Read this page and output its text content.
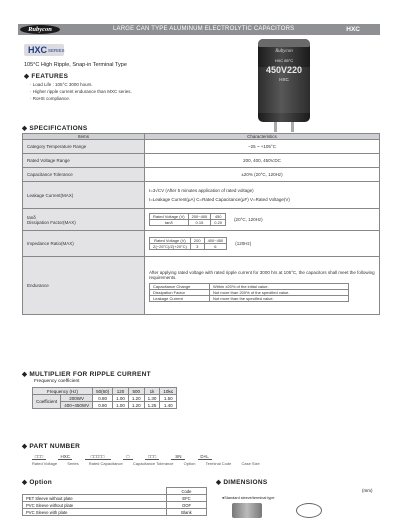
Rubycon	LARGE CAN TYPE ALUMINUM ELECTROLYTIC CAPACITORS	HXC
HXC SERIES
105°C High Ripple, Snap-in Terminal Type
◆ FEATURES
· Load Life : 105°C 3000 hours.
· Higher ripple current endurance than MXC series.
· RoHS compliance.
Rubycon
HXC 85°C
450V220
HXC
◆ SPECIFICATIONS
Items	Characteristics
Category Temperature Range	−25 ~ +105°C
Rated Voltage Range	200, 400, 450V.DC
Capacitance Tolerance	±20% (20°C, 120Hz)
Leakage Current(MAX)	
I=3√CV (After 5 minutes application of rated voltage)
I=Leakage Current(μA) C=Rated Capacitance(μF) V=Rated Voltage(V)

tanδ
Dissipation Factor(MAX)

Rated Voltage (V)	200~400	450
tanδ	0.15	0.20
(20°C, 120Hz)

Impedance Ratio(MAX)	
Rated Voltage (V)	200	400~450
Z(−25°C)/Z(+20°C)	3	6
(120Hz)

Endurance	
After applying rated voltage with rated ripple current for 3000 hrs at 105°C, the capacitors shall meet the following requirements.
Capacitance Change	Within ±20% of the initial value.
Dissipation Factor	Not more than 200% of the specified value.
Leakage Current	Not more than the specified value.
◆ MULTIPLIER FOR RIPPLE CURRENT
Frequency coefficient
Frequency (Hz)		50(60)	120	500	1k	10k≤
Coefficient	200WV	0.80	1.00	1.20	1.30	1.50
	400~450WV	0.80	1.00	1.20	1.25	1.40
◆ PART NUMBER
□□□	HXC	□□□□□	□	□□□	SN	D×L
Rated Voltage	Series	Rated Capacitance	Capacitance Tolerance	Option	Terminal Code	Case Size
◆ Option
	Code
PET Sleeve without plate	EFC
PVC Sleeve without plate	OOF
PVC Sleeve with plate	Blank
◆ DIMENSIONS
(mm)
●Standard sleeve/terminal type
